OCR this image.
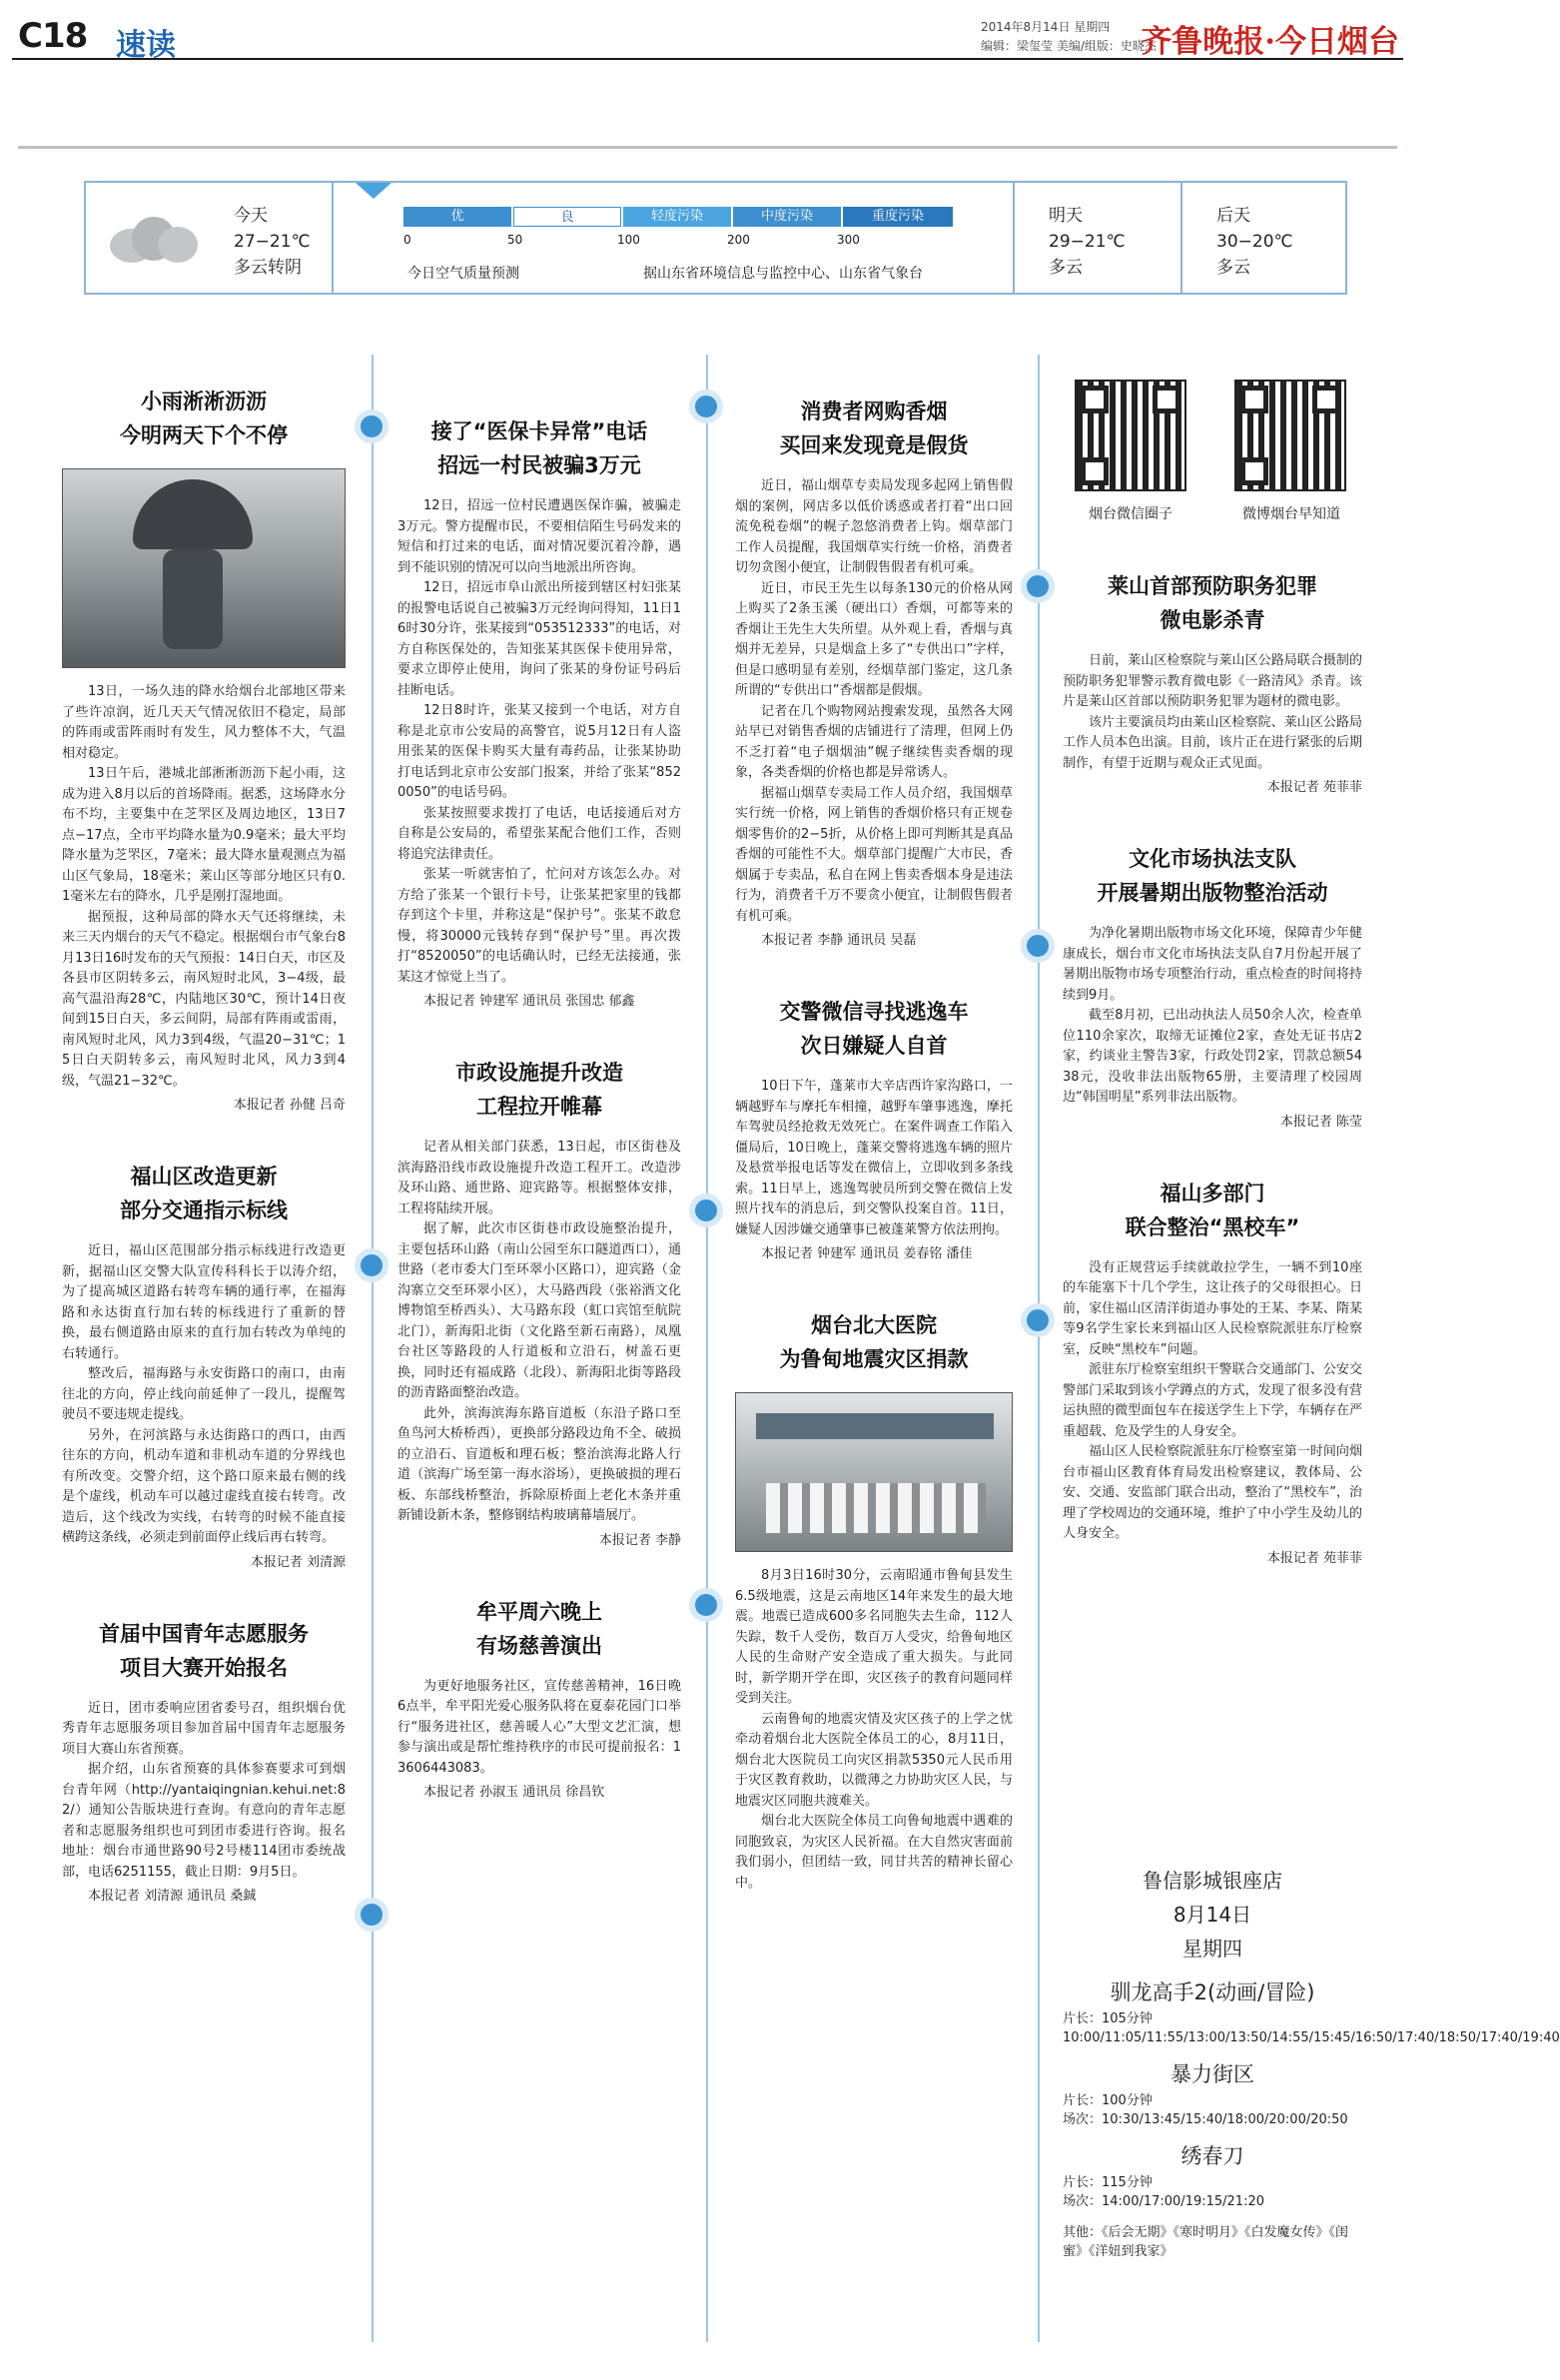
C18 速读
2014年8月14日 星期四
编辑：梁玺莹 美编/组版：史晓杰
齐鲁晚报·今日烟台
今天
27−21℃
多云转阴
优	良	轻度污染	中度污染	重度污染
0	50	100	200	300
今日空气质量预测	据山东省环境信息与监控中心、山东省气象台
明天
29−21℃
多云
后天
30−20℃
多云
小雨淅淅沥沥
今明两天下个不停
13日，一场久违的降水给烟台北部地区带来了些许凉润，近几天天气情况依旧不稳定，局部的阵雨或雷阵雨时有发生，风力整体不大，气温相对稳定。
13日午后，港城北部淅淅沥沥下起小雨，这成为进入8月以后的首场降雨。据悉，这场降水分布不均，主要集中在芝罘区及周边地区，13日7点−17点，全市平均降水量为0.9毫米；最大平均降水量为芝罘区，7毫米；最大降水量观测点为福山区气象局，18毫米；莱山区等部分地区只有0.1毫米左右的降水，几乎是刚打湿地面。
据预报，这种局部的降水天气还将继续，未来三天内烟台的天气不稳定。根据烟台市气象台8月13日16时发布的天气预报：14日白天，市区及各县市区阴转多云，南风短时北风，3−4级，最高气温沿海28℃，内陆地区30℃，预计14日夜间到15日白天，多云间阴，局部有阵雨或雷雨，南风短时北风，风力3到4级，气温20−31℃；15日白天阴转多云，南风短时北风，风力3到4级，气温21−32℃。
本报记者 孙健 吕奇
福山区改造更新
部分交通指示标线
近日，福山区范围部分指示标线进行改造更新，据福山区交警大队宣传科科长于以涛介绍，为了提高城区道路右转弯车辆的通行率，在福海路和永达街直行加右转的标线进行了重新的替换，最右侧道路由原来的直行加右转改为单纯的右转通行。
整改后，福海路与永安街路口的南口，由南往北的方向，停止线向前延伸了一段儿，提醒驾驶员不要违规走提线。
另外，在河滨路与永达街路口的西口，由西往东的方向，机动车道和非机动车道的分界线也有所改变。交警介绍，这个路口原来最右侧的线是个虚线，机动车可以越过虚线直接右转弯。改造后，这个线改为实线，右转弯的时候不能直接横跨这条线，必须走到前面停止线后再右转弯。
本报记者 刘清源
首届中国青年志愿服务
项目大赛开始报名
近日，团市委响应团省委号召，组织烟台优秀青年志愿服务项目参加首届中国青年志愿服务项目大赛山东省预赛。
据介绍，山东省预赛的具体参赛要求可到烟台青年网（http://yantaiqingnian.kehui.net:82/）通知公告版块进行查询。有意向的青年志愿者和志愿服务组织也可到团市委进行咨询。报名地址：烟台市通世路90号2号楼114团市委统战部，电话6251155，截止日期：9月5日。
本报记者 刘清源 通讯员 桑鋮
接了“医保卡异常”电话
招远一村民被骗3万元
12日，招远一位村民遭遇医保诈骗，被骗走3万元。警方提醒市民，不要相信陌生号码发来的短信和打过来的电话，面对情况要沉着冷静，遇到不能识别的情况可以向当地派出所咨询。
12日，招远市阜山派出所接到辖区村妇张某的报警电话说自己被骗3万元经询问得知，11日16时30分许，张某接到“053512333”的电话，对方自称医保处的，告知张某其医保卡使用异常，要求立即停止使用，询问了张某的身份证号码后挂断电话。
12日8时许，张某又接到一个电话，对方自称是北京市公安局的高警官，说5月12日有人盗用张某的医保卡购买大量有毒药品，让张某协助打电话到北京市公安部门报案，并给了张某“8520050”的电话号码。
张某按照要求拨打了电话，电话接通后对方自称是公安局的，希望张某配合他们工作，否则将追究法律责任。
张某一听就害怕了，忙问对方该怎么办。对方给了张某一个银行卡号，让张某把家里的钱都存到这个卡里，并称这是“保护号”。张某不敢怠慢，将30000元钱转存到“保护号”里。再次拨打“8520050”的电话确认时，已经无法接通，张某这才惊觉上当了。
本报记者 钟建军 通讯员 张国忠 郁鑫
市政设施提升改造
工程拉开帷幕
记者从相关部门获悉，13日起，市区街巷及滨海路沿线市政设施提升改造工程开工。改造涉及环山路、通世路、迎宾路等。根据整体安排，工程将陆续开展。
据了解，此次市区街巷市政设施整治提升，主要包括环山路（南山公园至东口隧道西口），通世路（老市委大门至环翠小区路口），迎宾路（金沟寨立交至环翠小区），大马路西段（张裕酒文化博物馆至桥西头）、大马路东段（虹口宾馆至航院北门），新海阳北街（文化路至新石南路），凤凰台社区等路段的人行道板和立沿石，树盖石更换，同时还有福成路（北段）、新海阳北街等路段的沥青路面整治改造。
此外，滨海滨海东路盲道板（东沿子路口至鱼鸟河大桥桥西），更换部分路段边角不全、破损的立沿石、盲道板和理石板；整治滨海北路人行道（滨海广场至第一海水浴场），更换破损的理石板、东部线桥整治，拆除原桥面上老化木条并重新铺设新木条，整修钢结构玻璃幕墙展厅。
本报记者 李静
牟平周六晚上
有场慈善演出
为更好地服务社区，宣传慈善精神，16日晚6点半，牟平阳光爱心服务队将在夏泰花园门口举行“服务进社区，慈善暖人心”大型文艺汇演，想参与演出或是帮忙维持秩序的市民可提前报名：13606443083。
本报记者 孙淑玉 通讯员 徐昌钦
消费者网购香烟
买回来发现竟是假货
近日，福山烟草专卖局发现多起网上销售假烟的案例，网店多以低价诱惑或者打着“出口回流免税卷烟”的幌子忽悠消费者上钩。烟草部门工作人员提醒，我国烟草实行统一价格，消费者切勿贪图小便宜，让制假售假者有机可乘。
近日，市民王先生以每条130元的价格从网上购买了2条玉溪（硬出口）香烟，可都等来的香烟让王先生大失所望。从外观上看，香烟与真烟并无差异，只是烟盒上多了“专供出口”字样，但是口感明显有差别，经烟草部门鉴定，这几条所谓的“专供出口”香烟都是假烟。
记者在几个购物网站搜索发现，虽然各大网站早已对销售香烟的店铺进行了清理，但网上仍不乏打着“电子烟烟油”幌子继续售卖香烟的现象，各类香烟的价格也都是异常诱人。
据福山烟草专卖局工作人员介绍，我国烟草实行统一价格，网上销售的香烟价格只有正规卷烟零售价的2−5折，从价格上即可判断其是真品香烟的可能性不大。烟草部门提醒广大市民，香烟属于专卖品，私自在网上售卖香烟本身是违法行为，消费者千万不要贪小便宜，让制假售假者有机可乘。
本报记者 李静 通讯员 吴磊
交警微信寻找逃逸车
次日嫌疑人自首
10日下午，蓬莱市大辛店西许家沟路口，一辆越野车与摩托车相撞，越野车肇事逃逸，摩托车驾驶员经抢救无效死亡。在案件调查工作陷入僵局后，10日晚上，蓬莱交警将逃逸车辆的照片及悬赏举报电话等发在微信上，立即收到多条线索。11日早上，逃逸驾驶员所到交警在微信上发照片找车的消息后，到交警队投案自首。11日，嫌疑人因涉嫌交通肇事已被蓬莱警方依法刑拘。
本报记者 钟建军 通讯员 姜春铭 潘佳
烟台北大医院
为鲁甸地震灾区捐款
8月3日16时30分，云南昭通市鲁甸县发生6.5级地震，这是云南地区14年来发生的最大地震。地震已造成600多名同胞失去生命，112人失踪，数千人受伤，数百万人受灾，给鲁甸地区人民的生命财产安全造成了重大损失。与此同时，新学期开学在即，灾区孩子的教育问题同样受到关注。
云南鲁甸的地震灾情及灾区孩子的上学之忧牵动着烟台北大医院全体员工的心，8月11日，烟台北大医院员工向灾区捐款5350元人民币用于灾区教育救助，以微薄之力协助灾区人民，与地震灾区同胞共渡难关。
烟台北大医院全体员工向鲁甸地震中遇难的同胞致哀，为灾区人民祈福。在大自然灾害面前我们弱小，但团结一致，同甘共苦的精神长留心中。
烟台微信圈子	微博烟台早知道
莱山首部预防职务犯罪
微电影杀青
日前，莱山区检察院与莱山区公路局联合摄制的预防职务犯罪警示教育微电影《一路清风》杀青。该片是莱山区首部以预防职务犯罪为题材的微电影。
该片主要演员均由莱山区检察院、莱山区公路局工作人员本色出演。目前，该片正在进行紧张的后期制作，有望于近期与观众正式见面。
本报记者 苑菲菲
文化市场执法支队
开展暑期出版物整治活动
为净化暑期出版物市场文化环境，保障青少年健康成长，烟台市文化市场执法支队自7月份起开展了暑期出版物市场专项整治行动，重点检查的时间将持续到9月。
截至8月初，已出动执法人员50余人次，检查单位110余家次，取缔无证摊位2家，查处无证书店2家，约谈业主警告3家，行政处罚2家，罚款总额5438元，没收非法出版物65册，主要清理了校园周边“韩国明星”系列非法出版物。
本报记者 陈莹
福山多部门
联合整治“黑校车”
没有正规营运手续就敢拉学生，一辆不到10座的车能塞下十几个学生，这让孩子的父母很担心。日前，家住福山区清洋街道办事处的王某、李某、隋某等9名学生家长来到福山区人民检察院派驻东厅检察室，反映“黑校车”问题。
派驻东厅检察室组织干警联合交通部门、公安交警部门采取到该小学蹲点的方式，发现了很多没有营运执照的微型面包车在接送学生上下学，车辆存在严重超载、危及学生的人身安全。
福山区人民检察院派驻东厅检察室第一时间向烟台市福山区教育体育局发出检察建议，教体局、公安、交通、安监部门联合出动，整治了“黑校车”，治理了学校周边的交通环境，维护了中小学生及幼儿的人身安全。
本报记者 苑菲菲
鲁信影城银座店
8月14日
星期四
驯龙高手2(动画/冒险)
片长：105分钟
10:00/11:05/11:55/13:00/13:50/14:55/15:45/16:50/17:40/18:50/17:40/19:40
暴力街区
片长：100分钟
场次：10:30/13:45/15:40/18:00/20:00/20:50
绣春刀
片长：115分钟
场次：14:00/17:00/19:15/21:20
其他：《后会无期》《寒时明月》《白发魔女传》《闺蜜》《洋妞到我家》
